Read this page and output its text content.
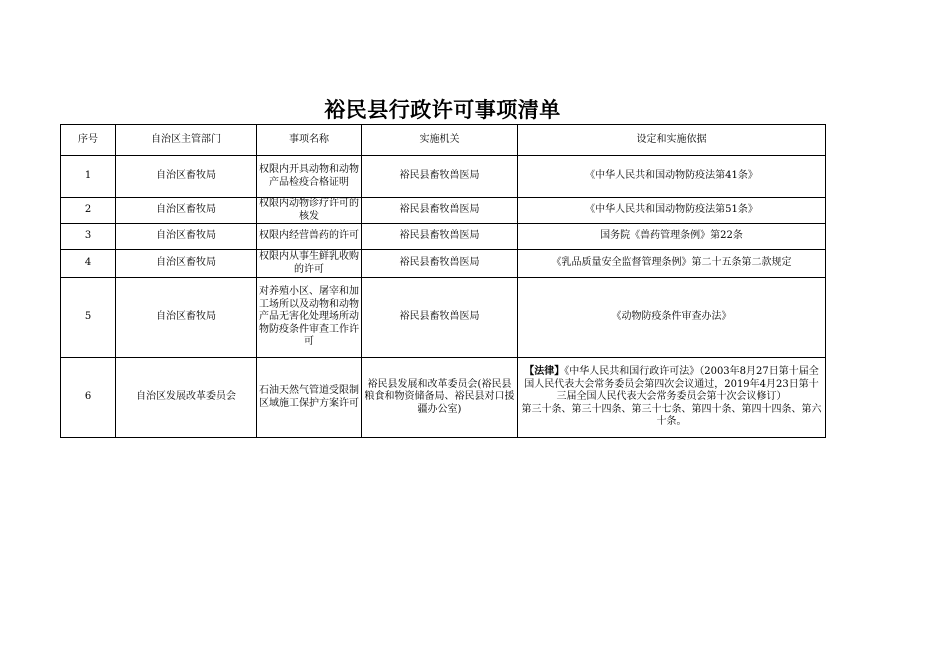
裕民县行政许可事项清单
序号	自治区主管部门	事项名称	实施机关	设定和实施依据
1	自治区畜牧局	权限内开具动物和动物产品检疫合格证明	裕民县畜牧兽医局	《中华人民共和国动物防疫法第41条》
2	自治区畜牧局	权限内动物诊疗许可的核发	裕民县畜牧兽医局	《中华人民共和国动物防疫法第51条》
3	自治区畜牧局	权限内经营兽药的许可	裕民县畜牧兽医局	国务院《兽药管理条例》第22条
4	自治区畜牧局	权限内从事生鲜乳收购的许可	裕民县畜牧兽医局	《乳品质量安全监督管理条例》第二十五条第二款规定
5	自治区畜牧局	对养殖小区、屠宰和加工场所以及动物和动物产品无害化处理场所动物防疫条件审查工作许可	裕民县畜牧兽医局	《动物防疫条件审查办法》
6	自治区发展改革委员会	石油天然气管道受限制区域施工保护方案许可	裕民县发展和改革委员会(裕民县粮食和物资储备局、裕民县对口援疆办公室)	【法律】《中华人民共和国行政许可法》（2003年8月27日第十届全国人民代表大会常务委员会第四次会议通过，2019年4月23日第十三届全国人民代表大会常务委员会第十次会议修订）
第三十条、第三十四条、第三十七条、第四十条、第四十四条、第六十条。
